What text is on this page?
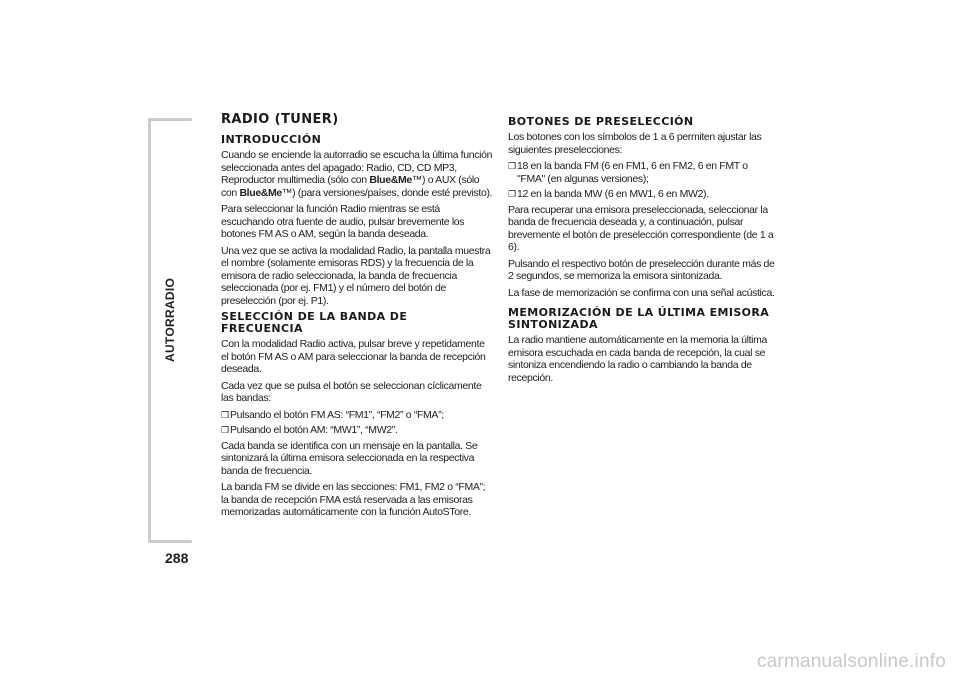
AUTORRADIO
288
RADIO (TUNER)
INTRODUCCIÓN

Cuando se enciende la autorradio se escucha la última función seleccionada antes del apagado: Radio, CD, CD MP3, Reproductor multimedia (sólo con Blue&Me™) o AUX (sólo con Blue&Me™) (para versiones/países, donde esté previsto).

Para seleccionar la función Radio mientras se está escuchando otra fuente de audio, pulsar brevemente los botones FM AS o AM, según la banda deseada.

Una vez que se activa la modalidad Radio, la pantalla muestra el nombre (solamente emisoras RDS) y la frecuencia de la emisora de radio seleccionada, la banda de frecuencia seleccionada (por ej. FM1) y el número del botón de preselección (por ej. P1).

SELECCIÓN DE LA BANDA DE FRECUENCIA

Con la modalidad Radio activa, pulsar breve y repetidamente el botón FM AS o AM para seleccionar la banda de recepción deseada.

Cada vez que se pulsa el botón se seleccionan cíclicamente las bandas:

❒ Pulsando el botón FM AS: “FM1”, “FM2” o “FMA”;
❒ Pulsando el botón AM: “MW1”, “MW2”.

Cada banda se identifica con un mensaje en la pantalla. Se sintonizará la última emisora seleccionada en la respectiva banda de frecuencia.

La banda FM se divide en las secciones: FM1, FM2 o “FMA”; la banda de recepción FMA está reservada a las emisoras memorizadas automáticamente con la función AutoSTore.

BOTONES DE PRESELECCIÓN

Los botones con los símbolos de 1 a 6 permiten ajustar las siguientes preselecciones:

❒ 18 en la banda FM (6 en FM1, 6 en FM2, 6 en FMT o "FMA" (en algunas versiones);
❒ 12 en la banda MW (6 en MW1, 6 en MW2).

Para recuperar una emisora preseleccionada, seleccionar la banda de frecuencia deseada y, a continuación, pulsar brevemente el botón de preselección correspondiente (de 1 a 6).

Pulsando el respectivo botón de preselección durante más de 2 segundos, se memoriza la emisora sintonizada.

La fase de memorización se confirma con una señal acústica.

MEMORIZACIÓN DE LA ÚLTIMA EMISORA SINTONIZADA

La radio mantiene automáticamente en la memoria la última emisora escuchada en cada banda de recepción, la cual se sintoniza encendiendo la radio o cambiando la banda de recepción.

carmanualsonline.info
